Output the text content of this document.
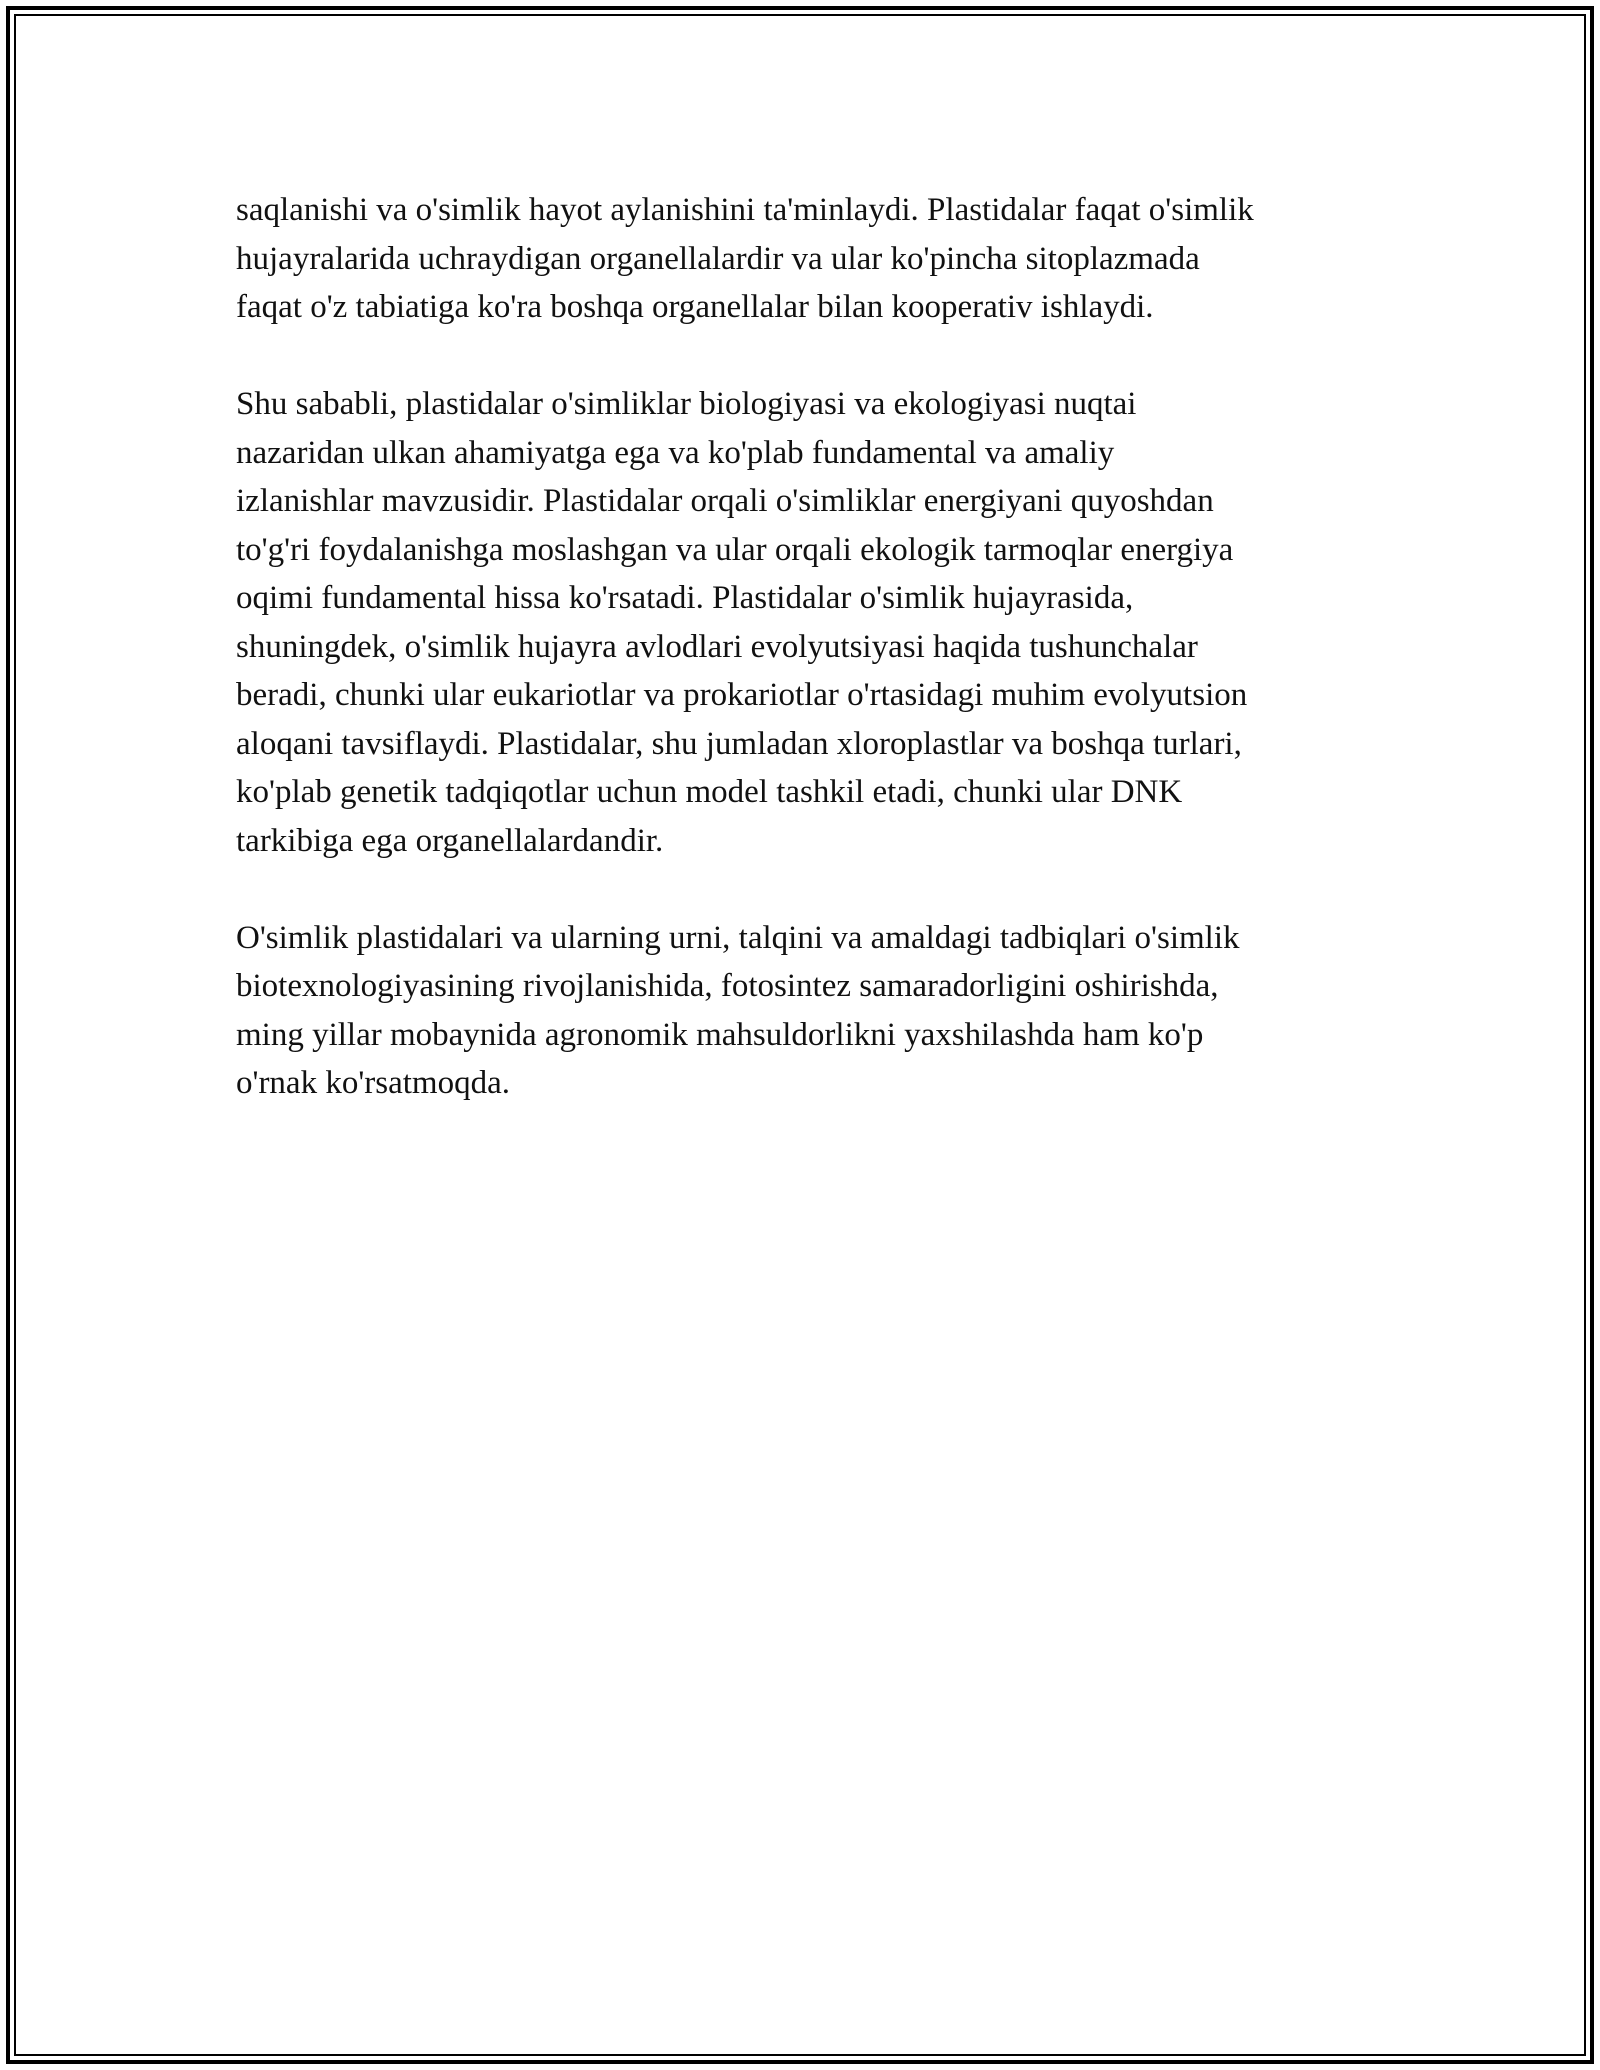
saqlanishi va o'simlik hayot aylanishini ta'minlaydi. Plastidalar faqat o'simlik
hujayralarida uchraydigan organellalardir va ular ko'pincha sitoplazmada
faqat o'z tabiatiga ko'ra boshqa organellalar bilan kooperativ ishlaydi.

Shu sababli, plastidalar o'simliklar biologiyasi va ekologiyasi nuqtai
nazaridan ulkan ahamiyatga ega va ko'plab fundamental va amaliy
izlanishlar mavzusidir. Plastidalar orqali o'simliklar energiyani quyoshdan
to'g'ri foydalanishga moslashgan va ular orqali ekologik tarmoqlar energiya
oqimi fundamental hissa ko'rsatadi. Plastidalar o'simlik hujayrasida,
shuningdek, o'simlik hujayra avlodlari evolyutsiyasi haqida tushunchalar
beradi, chunki ular eukariotlar va prokariotlar o'rtasidagi muhim evolyutsion
aloqani tavsiflaydi. Plastidalar, shu jumladan xloroplastlar va boshqa turlari,
ko'plab genetik tadqiqotlar uchun model tashkil etadi, chunki ular DNK
tarkibiga ega organellalardandir.

O'simlik plastidalari va ularning urni, talqini va amaldagi tadbiqlari o'simlik
biotexnologiyasining rivojlanishida, fotosintez samaradorligini oshirishda,
ming yillar mobaynida agronomik mahsuldorlikni yaxshilashda ham ko'p
o'rnak ko'rsatmoqda.
